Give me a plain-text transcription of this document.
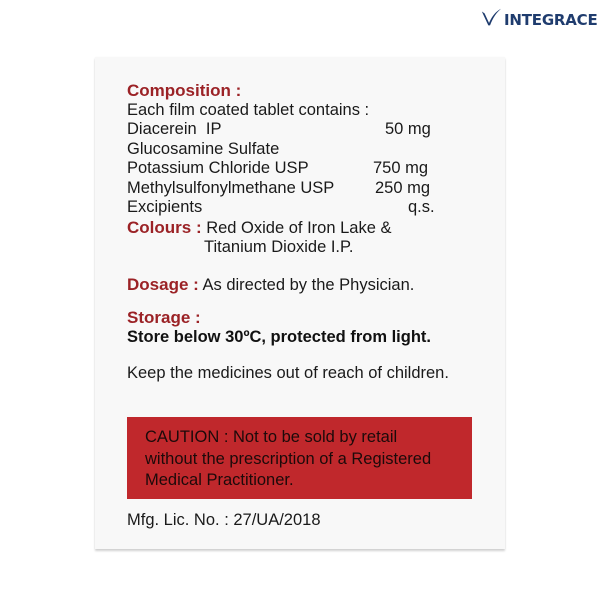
INTEGRACE
Composition :
Each film coated tablet contains :
Diacerein  IP	50 mg
Glucosamine Sulfate
Potassium Chloride USP	750 mg
Methylsulfonylmethane USP 250 mg
Excipients	q.s.
Colours : Red Oxide of Iron Lake &
Titanium Dioxide I.P.
Dosage : As directed by the Physician.
Storage :
Store below 30ºC, protected from light.
Keep the medicines out of reach of children.
CAUTION : Not to be sold by retail
without the prescription of a Registered
Medical Practitioner.
Mfg. Lic. No. : 27/UA/2018
